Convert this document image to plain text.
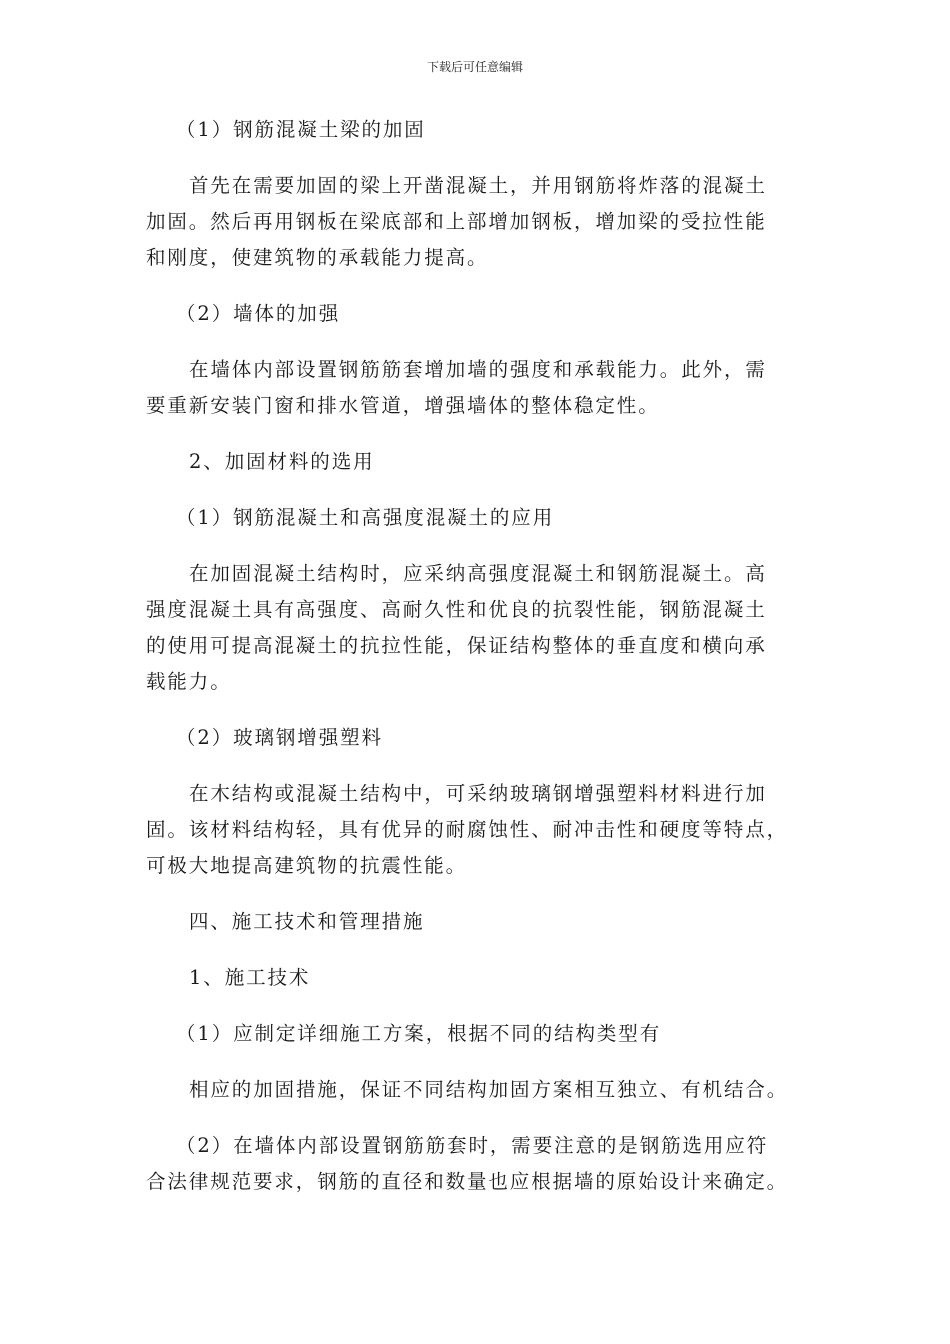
下载后可任意编辑

（1）钢筋混凝土梁的加固

首先在需要加固的梁上开凿混凝土，并用钢筋将炸落的混凝土
加固。然后再用钢板在梁底部和上部增加钢板，增加梁的受拉性能
和刚度，使建筑物的承载能力提高。

（2）墙体的加强

在墙体内部设置钢筋筋套增加墙的强度和承载能力。此外，需
要重新安装门窗和排水管道，增强墙体的整体稳定性。

2、加固材料的选用

（1）钢筋混凝土和高强度混凝土的应用

在加固混凝土结构时，应采纳高强度混凝土和钢筋混凝土。高
强度混凝土具有高强度、高耐久性和优良的抗裂性能，钢筋混凝土
的使用可提高混凝土的抗拉性能，保证结构整体的垂直度和横向承
载能力。

（2）玻璃钢增强塑料

在木结构或混凝土结构中，可采纳玻璃钢增强塑料材料进行加
固。该材料结构轻，具有优异的耐腐蚀性、耐冲击性和硬度等特点，
可极大地提高建筑物的抗震性能。

四、施工技术和管理措施

1、施工技术

（1）应制定详细施工方案，根据不同的结构类型有

相应的加固措施，保证不同结构加固方案相互独立、有机结合。

（2）在墙体内部设置钢筋筋套时，需要注意的是钢筋选用应符
合法律规范要求，钢筋的直径和数量也应根据墙的原始设计来确定。
